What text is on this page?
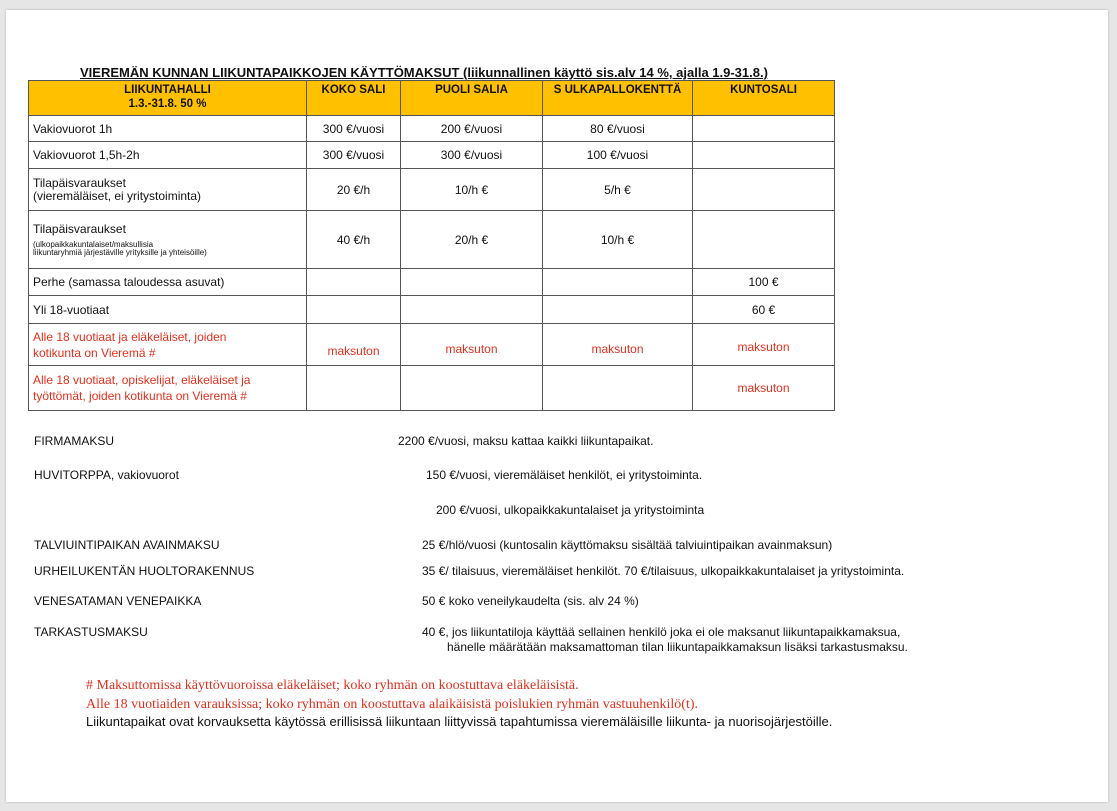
VIEREMÄN KUNNAN LIIKUNTAPAIKKOJEN KÄYTTÖMAKSUT (liikunnallinen käyttö sis.alv 14 %, ajalla 1.9-31.8.)
LIIKUNTAHALLI
1.3.-31.8. 50 %	KOKO SALI	PUOLI SALIA	S ULKAPALLOKENTTÄ	KUNTOSALI
Vakiovuorot 1h	300 €/vuosi	200 €/vuosi	80 €/vuosi	
Vakiovuorot 1,5h-2h	300 €/vuosi	300 €/vuosi	100 €/vuosi	
Tilapäisvaraukset
(vieremäläiset, ei yritystoiminta)	20 €/h	10/h €	5/h €	
Tilapäisvaraukset
(ulkopaikkakuntalaiset/maksullisia
liikuntaryhmiä järjestäville yrityksille ja yhteisöille)	40 €/h	20/h €	10/h €	
Perhe (samassa taloudessa asuvat)				100 €
Yli 18-vuotiaat				60 €
Alle 18 vuotiaat ja eläkeläiset, joiden
kotikunta on Vieremä #	maksuton	maksuton	maksuton	maksuton
Alle 18 vuotiaat, opiskelijat, eläkeläiset ja
työttömät, joiden kotikunta on Vieremä #				maksuton
FIRMAMAKSU	2200 €/vuosi, maksu kattaa kaikki liikuntapaikat.
HUVITORPPA, vakiovuorot	150 €/vuosi, vieremäläiset henkilöt, ei yritystoiminta.
200 €/vuosi, ulkopaikkakuntalaiset ja yritystoiminta
TALVIUINTIPAIKAN AVAINMAKSU	25 €/hlö/vuosi (kuntosalin käyttömaksu sisältää talviuintipaikan avainmaksun)
URHEILUKENTÄN HUOLTORAKENNUS	35 €/ tilaisuus, vieremäläiset henkilöt. 70 €/tilaisuus, ulkopaikkakuntalaiset ja yritystoiminta.
VENESATAMAN VENEPAIKKA	50 € koko veneilykaudelta (sis. alv 24 %)
TARKASTUSMAKSU	40 €, jos liikuntatiloja käyttää sellainen henkilö joka ei ole maksanut liikuntapaikkamaksua,
hänelle määrätään maksamattoman tilan liikuntapaikkamaksun lisäksi tarkastusmaksu.
# Maksuttomissa käyttövuoroissa eläkeläiset; koko ryhmän on koostuttava eläkeläisistä.
Alle 18 vuotiaiden varauksissa; koko ryhmän on koostuttava alaikäisistä poislukien ryhmän vastuuhenkilö(t).
Liikuntapaikat ovat korvauksetta käytössä erillisissä liikuntaan liittyvissä tapahtumissa vieremäläisille liikunta- ja nuorisojärjestöille.
